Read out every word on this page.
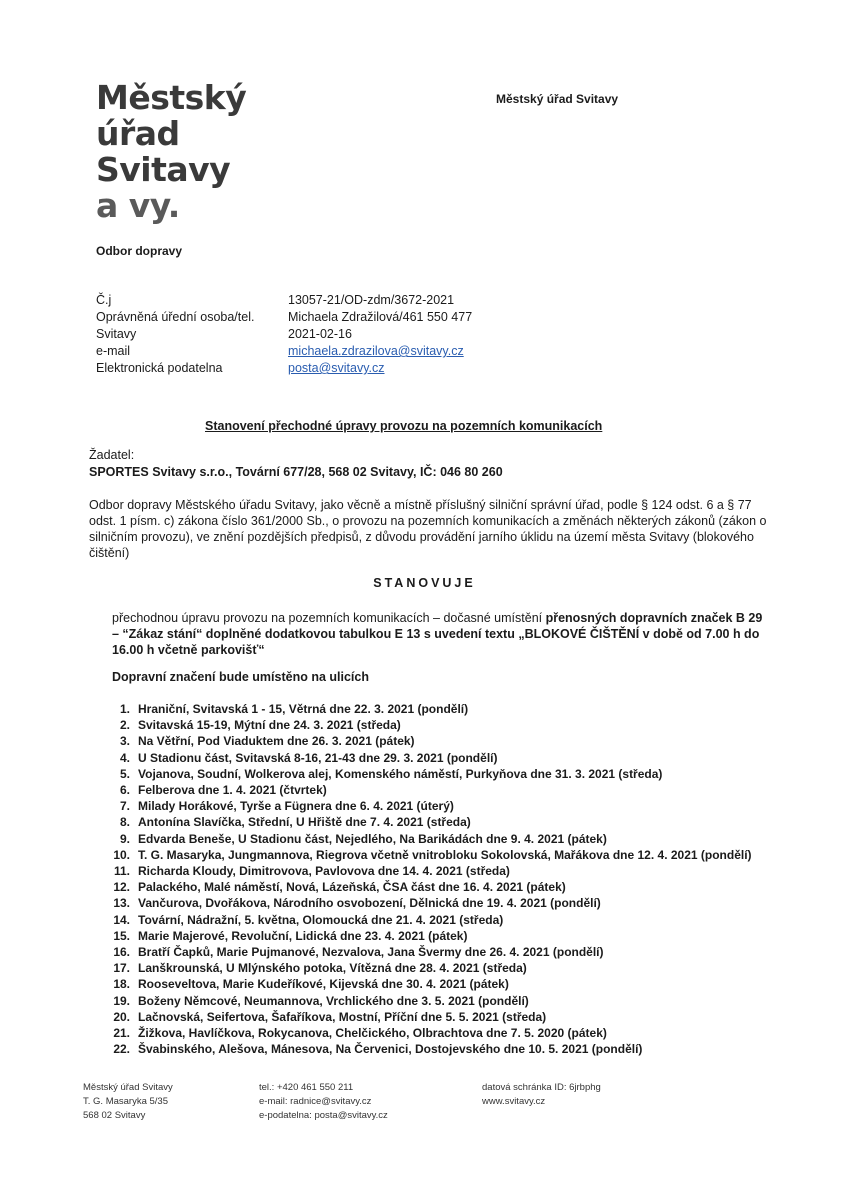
Městský
úřad
Svitavy
a vy.
Městský úřad Svitavy
Odbor dopravy
Č.j
Oprávněná úřední osoba/tel.
Svitavy
e-mail
Elektronická podatelna
13057-21/OD-zdm/3672-2021
Michaela Zdražilová/461 550 477
2021-02-16
michaela.zdrazilova@svitavy.cz
posta@svitavy.cz
Stanovení přechodné úpravy provozu na pozemních komunikacích
Žadatel:
SPORTES Svitavy s.r.o., Tovární 677/28, 568 02 Svitavy, IČ: 046 80 260
Odbor dopravy Městského úřadu Svitavy, jako věcně a místně příslušný silniční správní úřad, podle § 124 odst. 6 a § 77 odst. 1 písm. c) zákona číslo 361/2000 Sb., o provozu na pozemních komunikacích a změnách některých zákonů (zákon o silničním provozu), ve znění pozdějších předpisů, z důvodu provádění jarního úklidu na území města Svitavy (blokového čištění)
STANOVUJE
přechodnou úpravu provozu na pozemních komunikacích – dočasné umístění přenosných dopravních značek B 29 – “Zákaz stání“ doplněné dodatkovou tabulkou E 13 s uvedení textu „BLOKOVÉ ČIŠTĚNÍ v době od 7.00 h do 16.00 h včetně parkovišť“
Dopravní značení bude umístěno na ulicích
1. Hraniční, Svitavská 1 - 15, Větrná dne 22. 3. 2021 (pondělí)
2. Svitavská 15-19, Mýtní dne 24. 3. 2021 (středa)
3. Na Větřní, Pod Viaduktem dne 26. 3. 2021 (pátek)
4. U Stadionu část, Svitavská 8-16, 21-43 dne 29. 3. 2021 (pondělí)
5. Vojanova, Soudní, Wolkerova alej, Komenského náměstí, Purkyňova dne 31. 3. 2021 (středa)
6. Felberova dne 1. 4. 2021 (čtvrtek)
7. Milady Horákové, Tyrše a Fügnera dne 6. 4. 2021 (úterý)
8. Antonína Slavíčka, Střední, U Hřiště dne 7. 4. 2021 (středa)
9. Edvarda Beneše, U Stadionu část, Nejedlého, Na Barikádách dne 9. 4. 2021 (pátek)
10. T. G. Masaryka, Jungmannova, Riegrova včetně vnitrobloku Sokolovská, Mařákova dne 12. 4. 2021 (pondělí)
11. Richarda Kloudy, Dimitrovova, Pavlovova dne 14. 4. 2021 (středa)
12. Palackého, Malé náměstí, Nová, Lázeňská, ČSA část dne 16. 4. 2021 (pátek)
13. Vančurova, Dvořákova, Národního osvobození, Dělnická dne 19. 4. 2021 (pondělí)
14. Tovární, Nádražní, 5. května, Olomoucká dne 21. 4. 2021 (středa)
15. Marie Majerové, Revoluční, Lidická dne 23. 4. 2021 (pátek)
16. Bratří Čapků, Marie Pujmanové, Nezvalova, Jana Švermy dne 26. 4. 2021 (pondělí)
17. Lanškrounská, U Mlýnského potoka, Vítězná dne 28. 4. 2021 (středa)
18. Rooseveltova, Marie Kudeříkové, Kijevská dne 30. 4. 2021 (pátek)
19. Boženy Němcové, Neumannova, Vrchlického dne 3. 5. 2021 (pondělí)
20. Lačnovská, Seifertova, Šafaříkova, Mostní, Příční dne 5. 5. 2021 (středa)
21. Žižkova, Havlíčkova, Rokycanova, Chelčického, Olbrachtova dne 7. 5. 2020 (pátek)
22. Švabinského, Alešova, Mánesova, Na Červenici, Dostojevského dne 10. 5. 2021 (pondělí)
Městský úřad Svitavy
T. G. Masaryka 5/35
568 02 Svitavy
tel.: +420 461 550 211
e-mail: radnice@svitavy.cz
e-podatelna: posta@svitavy.cz
datová schránka ID: 6jrbphg
www.svitavy.cz
